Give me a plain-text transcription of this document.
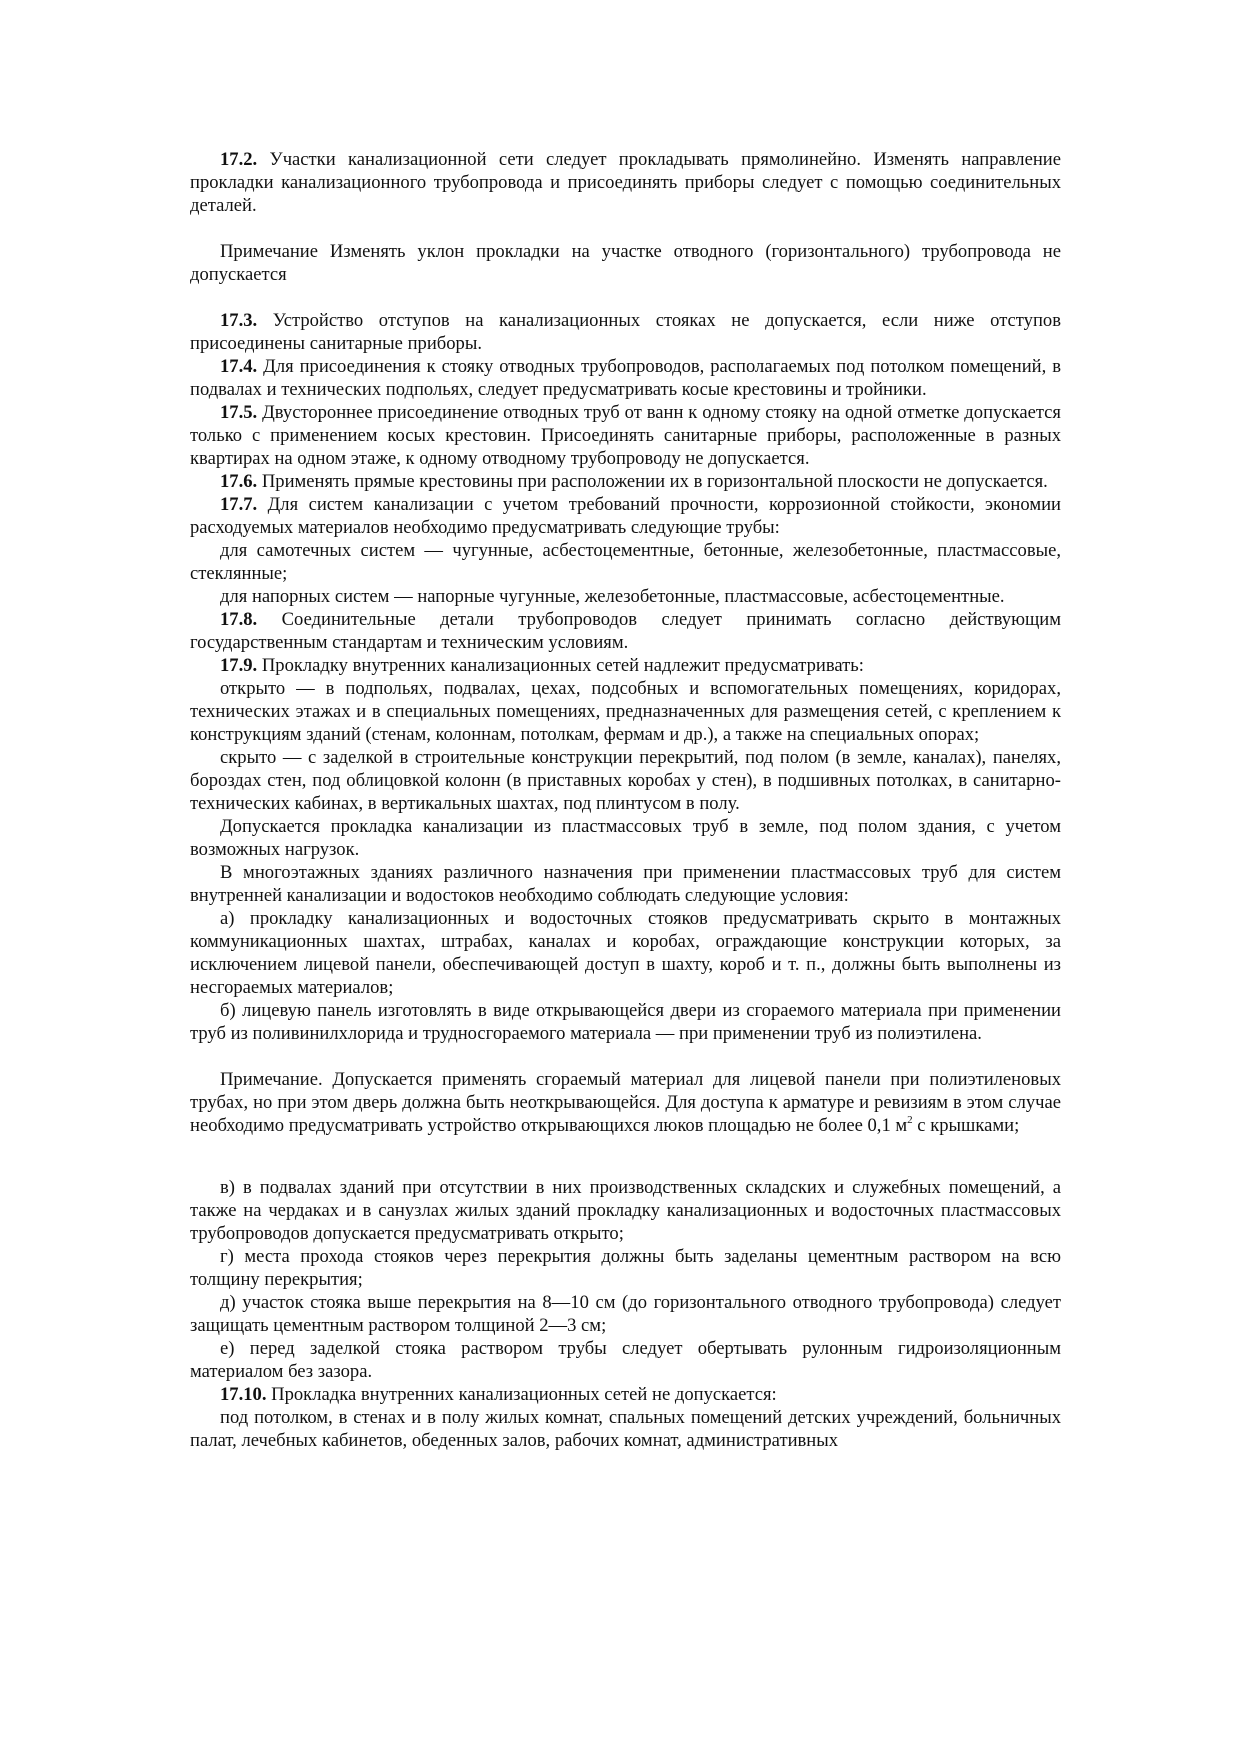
17.2. Участки канализационной сети следует прокладывать прямолинейно. Изменять направление прокладки канализационного трубопровода и присоединять приборы следует с помощью соединительных деталей.

Примечание Изменять уклон прокладки на участке отводного (горизонтального) трубопровода не допускается

17.3. Устройство отступов на канализационных стояках не допускается, если ниже отступов присоединены санитарные приборы.

17.4. Для присоединения к стояку отводных трубопроводов, располагаемых под потолком помещений, в подвалах и технических подпольях, следует предусматривать косые крестовины и тройники.

17.5. Двустороннее присоединение отводных труб от ванн к одному стояку на одной отметке допускается только с применением косых крестовин. Присоединять санитарные приборы, расположенные в разных квартирах на одном этаже, к одному отводному трубопроводу не допускается.

17.6. Применять прямые крестовины при расположении их в горизонтальной плоскости не допускается.

17.7. Для систем канализации с учетом требований прочности, коррозионной стойкости, экономии расходуемых материалов необходимо предусматривать следующие трубы:

для самотечных систем — чугунные, асбестоцементные, бетонные, железобетонные, пластмассовые, стеклянные;

для напорных систем — напорные чугунные, железобетонные, пластмассовые, асбестоцементные.

17.8. Соединительные детали трубопроводов следует принимать согласно действующим государственным стандартам и техническим условиям.

17.9. Прокладку внутренних канализационных сетей надлежит предусматривать:

открыто — в подпольях, подвалах, цехах, подсобных и вспомогательных помещениях, коридорах, технических этажах и в специальных помещениях, предназначенных для размещения сетей, с креплением к конструкциям зданий (стенам, колоннам, потолкам, фермам и др.), а также на специальных опорах;

скрыто — с заделкой в строительные конструкции перекрытий, под полом (в земле, каналах), панелях, бороздах стен, под облицовкой колонн (в приставных коробах у стен), в подшивных потолках, в санитарно-технических кабинах, в вертикальных шахтах, под плинтусом в полу.

Допускается прокладка канализации из пластмассовых труб в земле, под полом здания, с учетом возможных нагрузок.

В многоэтажных зданиях различного назначения при применении пластмассовых труб для систем внутренней канализации и водостоков необходимо соблюдать следующие условия:

а) прокладку канализационных и водосточных стояков предусматривать скрыто в монтажных коммуникационных шахтах, штрабах, каналах и коробах, ограждающие конструкции которых, за исключением лицевой панели, обеспечивающей доступ в шахту, короб и т. п., должны быть выполнены из несгораемых материалов;

б) лицевую панель изготовлять в виде открывающейся двери из сгораемого материала при применении труб из поливинилхлорида и трудносгораемого материала — при применении труб из полиэтилена.

Примечание. Допускается применять сгораемый материал для лицевой панели при полиэтиленовых трубах, но при этом дверь должна быть неоткрывающейся. Для доступа к арматуре и ревизиям в этом случае необходимо предусматривать устройство открывающихся люков площадью не более 0,1 $м^2$ с крышками;

в) в подвалах зданий при отсутствии в них производственных складских и служебных помещений, а также на чердаках и в санузлах жилых зданий прокладку канализационных и водосточных пластмассовых трубопроводов допускается предусматривать открыто;

г) места прохода стояков через перекрытия должны быть заделаны цементным раствором на всю толщину перекрытия;

д) участок стояка выше перекрытия на 8—10 см (до горизонтального отводного трубопровода) следует защищать цементным раствором толщиной 2—3 см;

е) перед заделкой стояка раствором трубы следует обертывать рулонным гидроизоляционным материалом без зазора.

17.10. Прокладка внутренних канализационных сетей не допускается:

под потолком, в стенах и в полу жилых комнат, спальных помещений детских учреждений, больничных палат, лечебных кабинетов, обеденных залов, рабочих комнат, административных
